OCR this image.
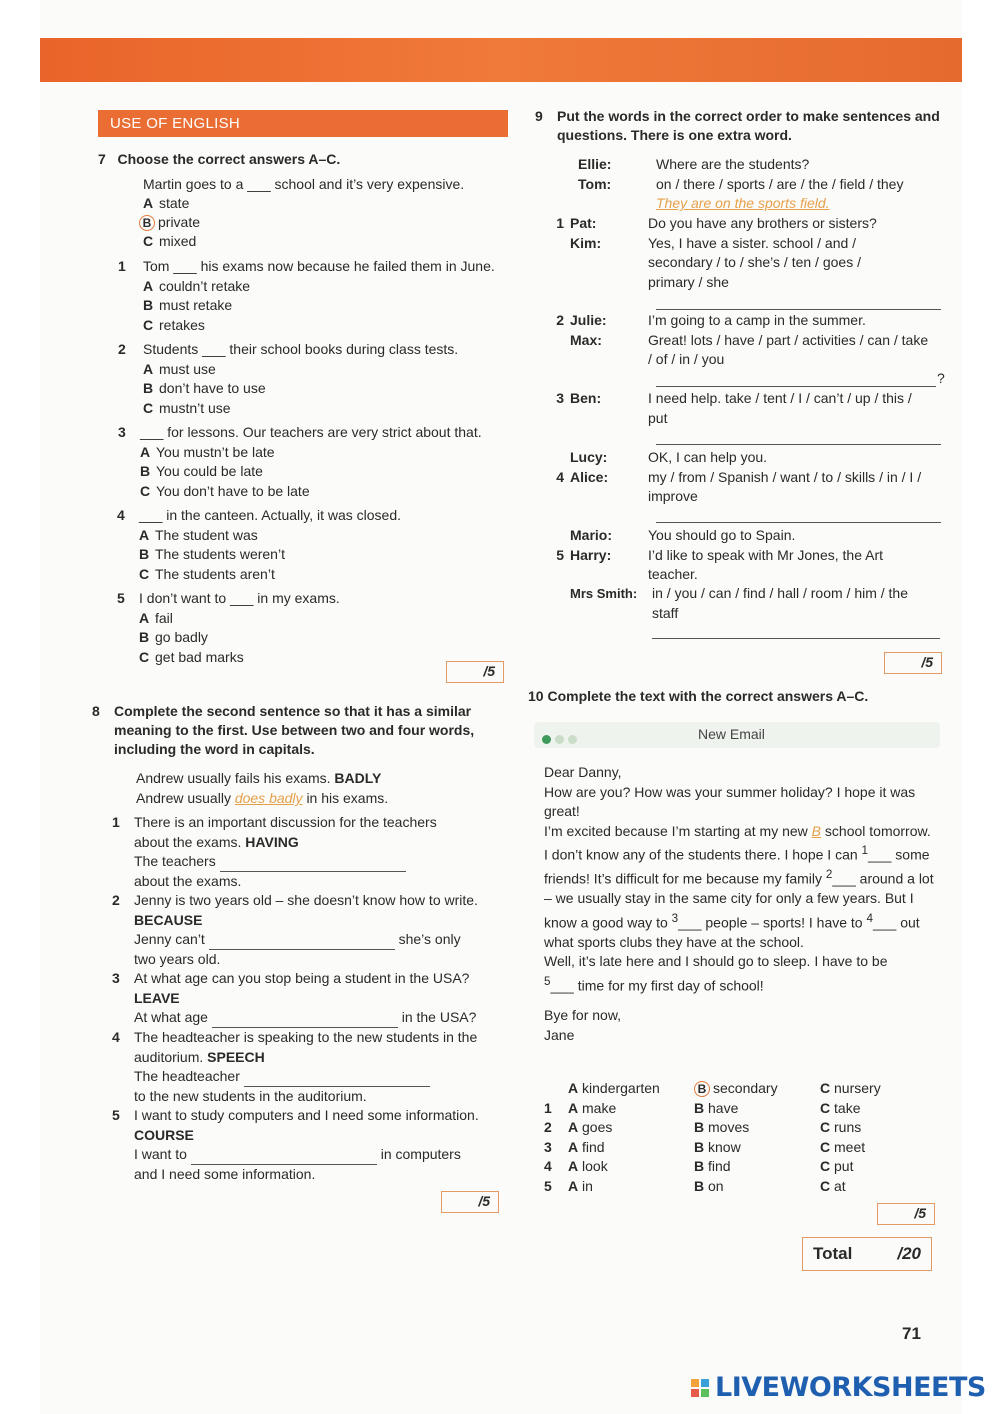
USE OF ENGLISH
7 Choose the correct answers A–C.
Martin goes to a ___ school and it’s very expensive.
A state
B private
C mixed
1 Tom ___ his exams now because he failed them in June.
A couldn’t retake
B must retake
C retakes
2 Students ___ their school books during class tests.
A must use
B don’t have to use
C mustn’t use
3 ___ for lessons. Our teachers are very strict about that.
A You mustn’t be late
B You could be late
C You don’t have to be late
4 ___ in the canteen. Actually, it was closed.
A The student was
B The students weren’t
C The students aren’t
5 I don’t want to ___ in my exams.
A fail
B go badly
C get bad marks
/5
8	Complete the second sentence so that it has a similar meaning to the first. Use between two and four words, including the word in capitals.
Andrew usually fails his exams. BADLY
Andrew usually does badly in his exams.
1	There is an important discussion for the teachers about the exams. HAVING
The teachers
about the exams.
2	Jenny is two years old – she doesn’t know how to write. BECAUSE
Jenny can’t	she’s only
two years old.
3	At what age can you stop being a student in the USA?
LEAVE
At what age	in the USA?
4	The headteacher is speaking to the new students in the auditorium. SPEECH
The headteacher
to the new students in the auditorium.
5	I want to study computers and I need some information. COURSE
I want to	in computers
and I need some information.
/5
9	Put the words in the correct order to make sentences and questions. There is one extra word.
Ellie:	Where are the students?
Tom:	on / there / sports / are / the / field / they
They are on the sports field.
1 Pat:	Do you have any brothers or sisters?
Kim:	Yes, I have a sister. school / and / secondary / to / she’s / ten / goes / primary / she
2 Julie:	I’m going to a camp in the summer.
Max:	Great! lots / have / part / activities / can / take / of / in / you
?
3 Ben:	I need help. take / tent / I / can’t / up / this / put
Lucy:	OK, I can help you.
4 Alice:	my / from / Spanish / want / to / skills / in / I / improve
Mario:	You should go to Spain.
5 Harry:	I’d like to speak with Mr Jones, the Art teacher.
Mrs Smith:	in / you / can / find / hall / room / him / the staff
/5
10 Complete the text with the correct answers A–C.
New Email
Dear Danny,
How are you? How was your summer holiday? I hope it was great!
I’m excited because I’m starting at my new B school tomorrow. I don’t know any of the students there. I hope I can $^1$___ some friends! It’s difficult for me because my family $^2$___ around a lot – we usually stay in the same city for only a few years. But I know a good way to $^3$___ people – sports! I have to $^4$___ out what sports clubs they have at the school.
Well, it’s late here and I should go to sleep. I have to be
$^5$___ time for my first day of school!
Bye for now,
Jane
A kindergarten	B secondary	C nursery
1	A make	B have	C take
2	A goes	B moves	C runs
3	A find	B know	C meet
4	A look	B find	C put
5	A in	B on	C at
/5
Total	/20
71

LIVEWORKSHEETS
